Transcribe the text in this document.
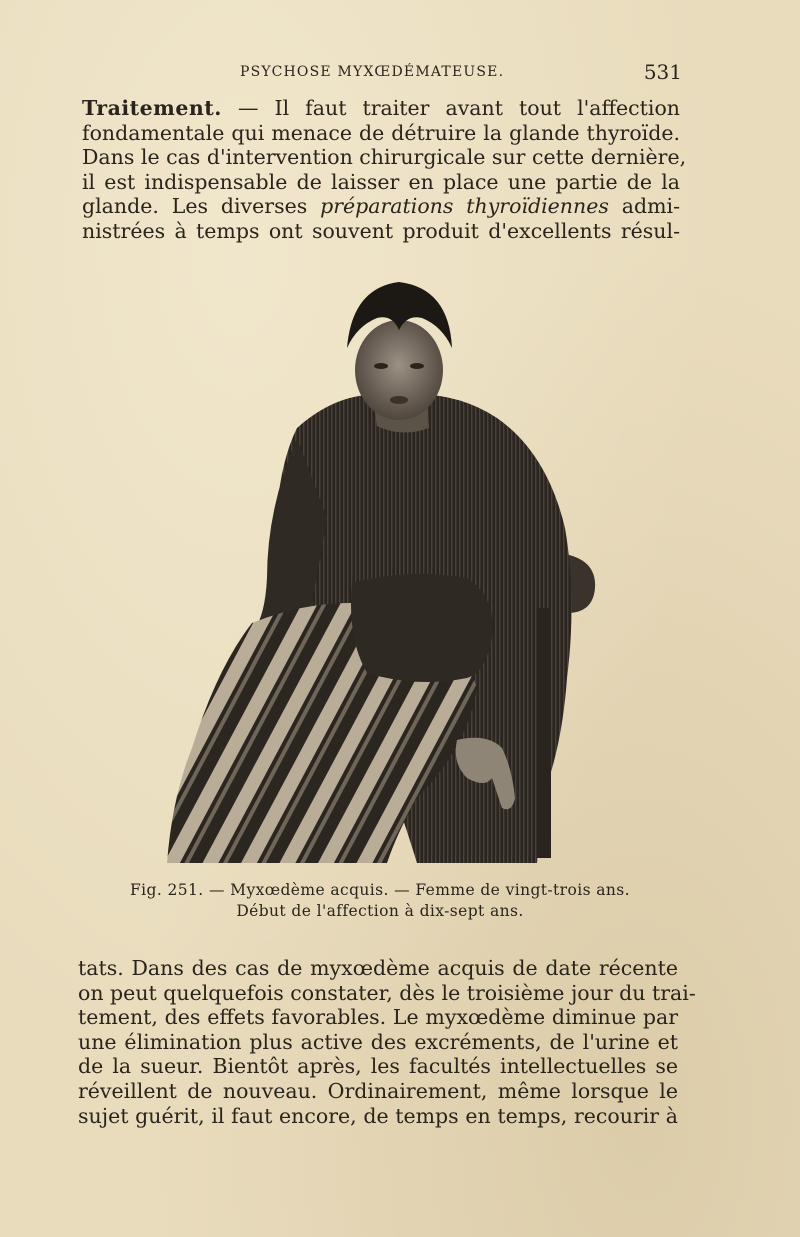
PSYCHOSE MYXŒDÉMATEUSE.	531

Traitement. — Il faut traiter avant tout l'affection
fondamentale qui menace de détruire la glande thyroïde.
Dans le cas d'intervention chirurgicale sur cette dernière,
il est indispensable de laisser en place une partie de la
glande. Les diverses préparations thyroïdiennes admi-
nistrées à temps ont souvent produit d'excellents résul-

Fig. 251. — Myxœdème acquis. — Femme de vingt-trois ans.
Début de l'affection à dix-sept ans.

tats. Dans des cas de myxœdème acquis de date récente
on peut quelquefois constater, dès le troisième jour du trai-
tement, des effets favorables. Le myxœdème diminue par
une élimination plus active des excréments, de l'urine et
de la sueur. Bientôt après, les facultés intellectuelles se
réveillent de nouveau. Ordinairement, même lorsque le
sujet guérit, il faut encore, de temps en temps, recourir à
